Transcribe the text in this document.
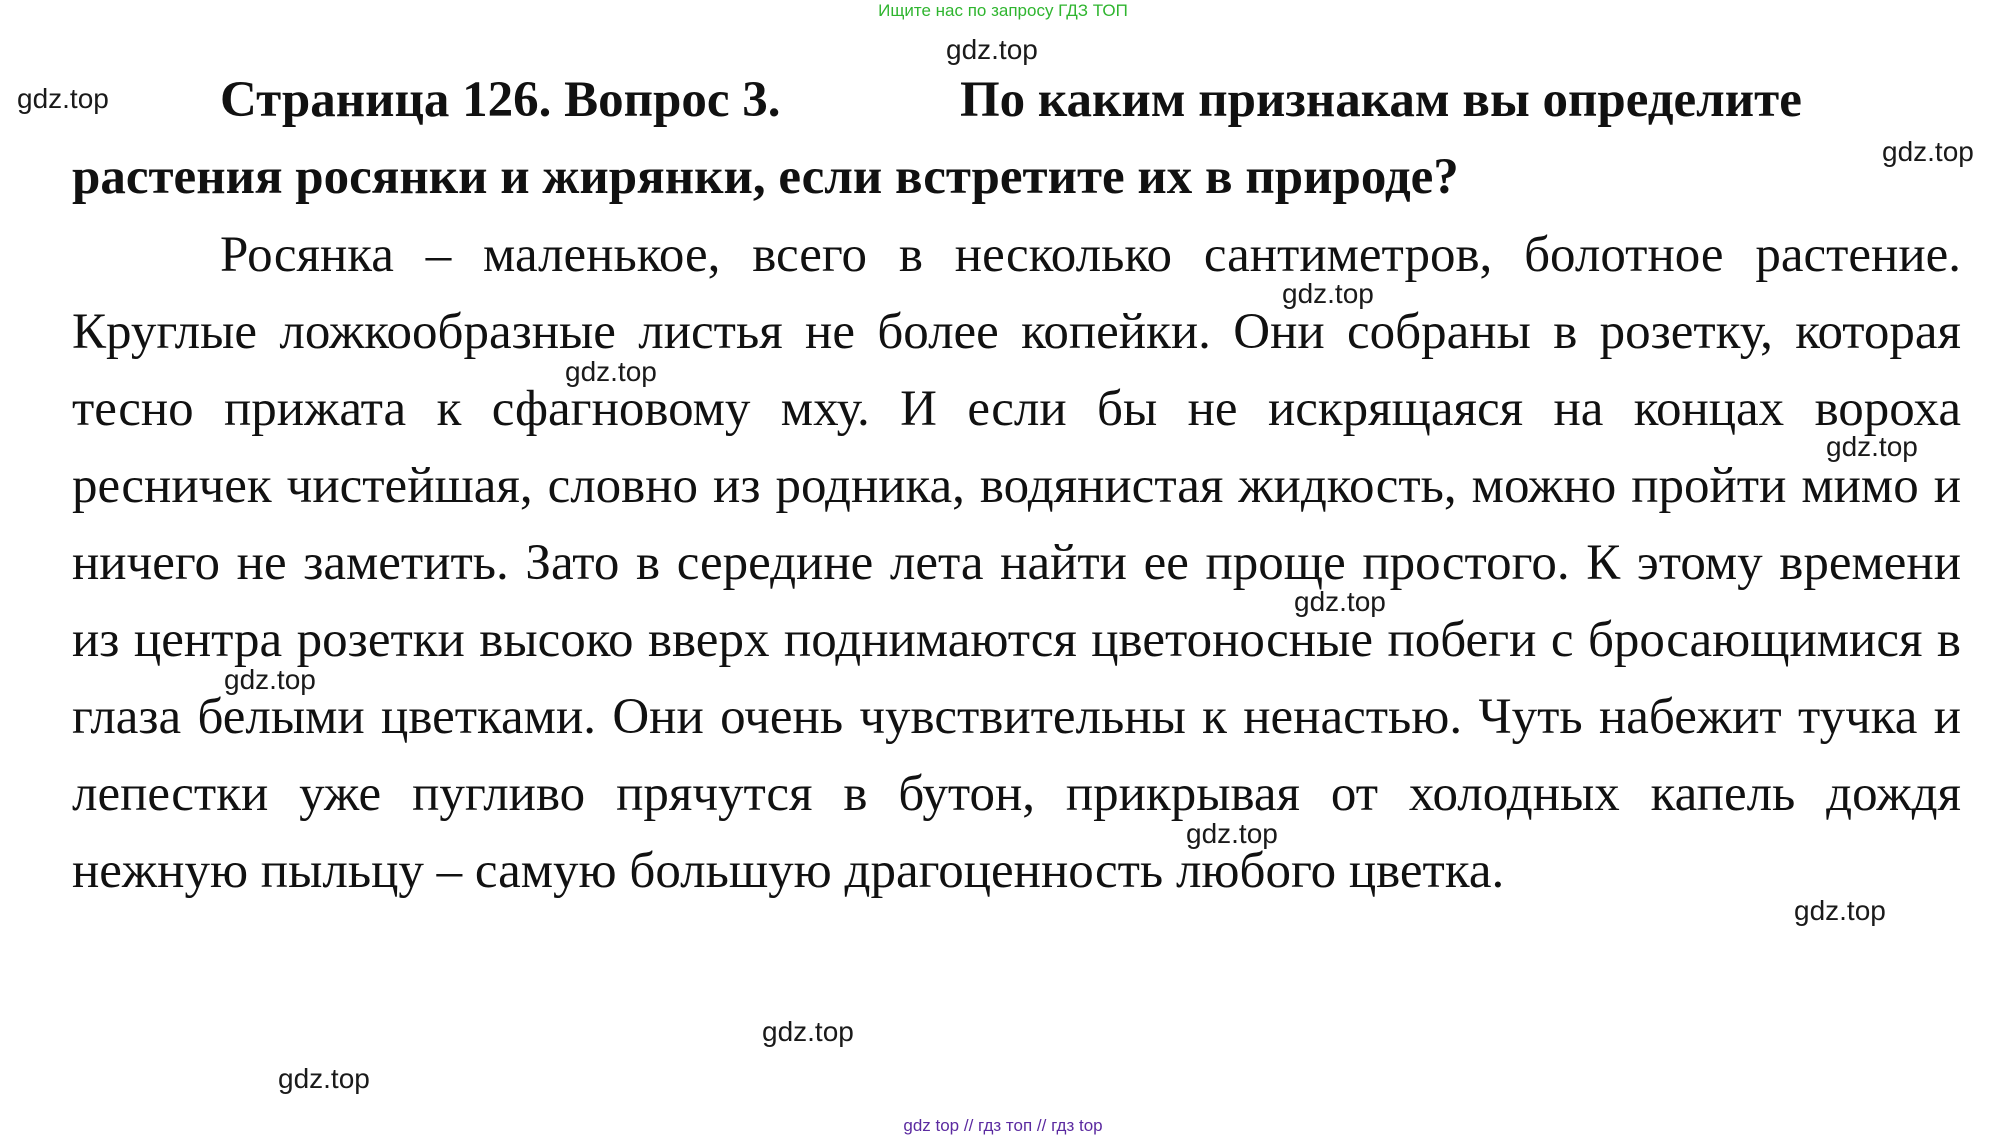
Ищите нас по запросу ГДЗ ТОП

Страница 126. Вопрос 3.	По каким признакам вы определите

растения росянки и жирянки, если встретите их в природе?

Росянка – маленькое, всего в несколько сантиметров, болотное растение. Круглые ложкообразные листья не более копейки. Они собраны в розетку, которая тесно прижата к сфагновому мху. И если бы не искрящаяся на концах вороха ресничек чистейшая, словно из родника, водянистая жидкость, можно пройти мимо и ничего не заметить. Зато в середине лета найти ее проще простого. К этому времени из центра розетки высоко вверх поднимаются цветоносные побеги с бросающимися в глаза белыми цветками. Они очень чувствительны к ненастью. Чуть набежит тучка и лепестки уже пугливо прячутся в бутон, прикрывая от холодных капель дождя нежную пыльцу – самую большую драгоценность любого цветка.

gdz.top
gdz.top
gdz.top
gdz.top
gdz.top
gdz.top
gdz.top
gdz.top
gdz.top
gdz.top
gdz.top
gdz.top
gdz top // гдз топ // гдз top
